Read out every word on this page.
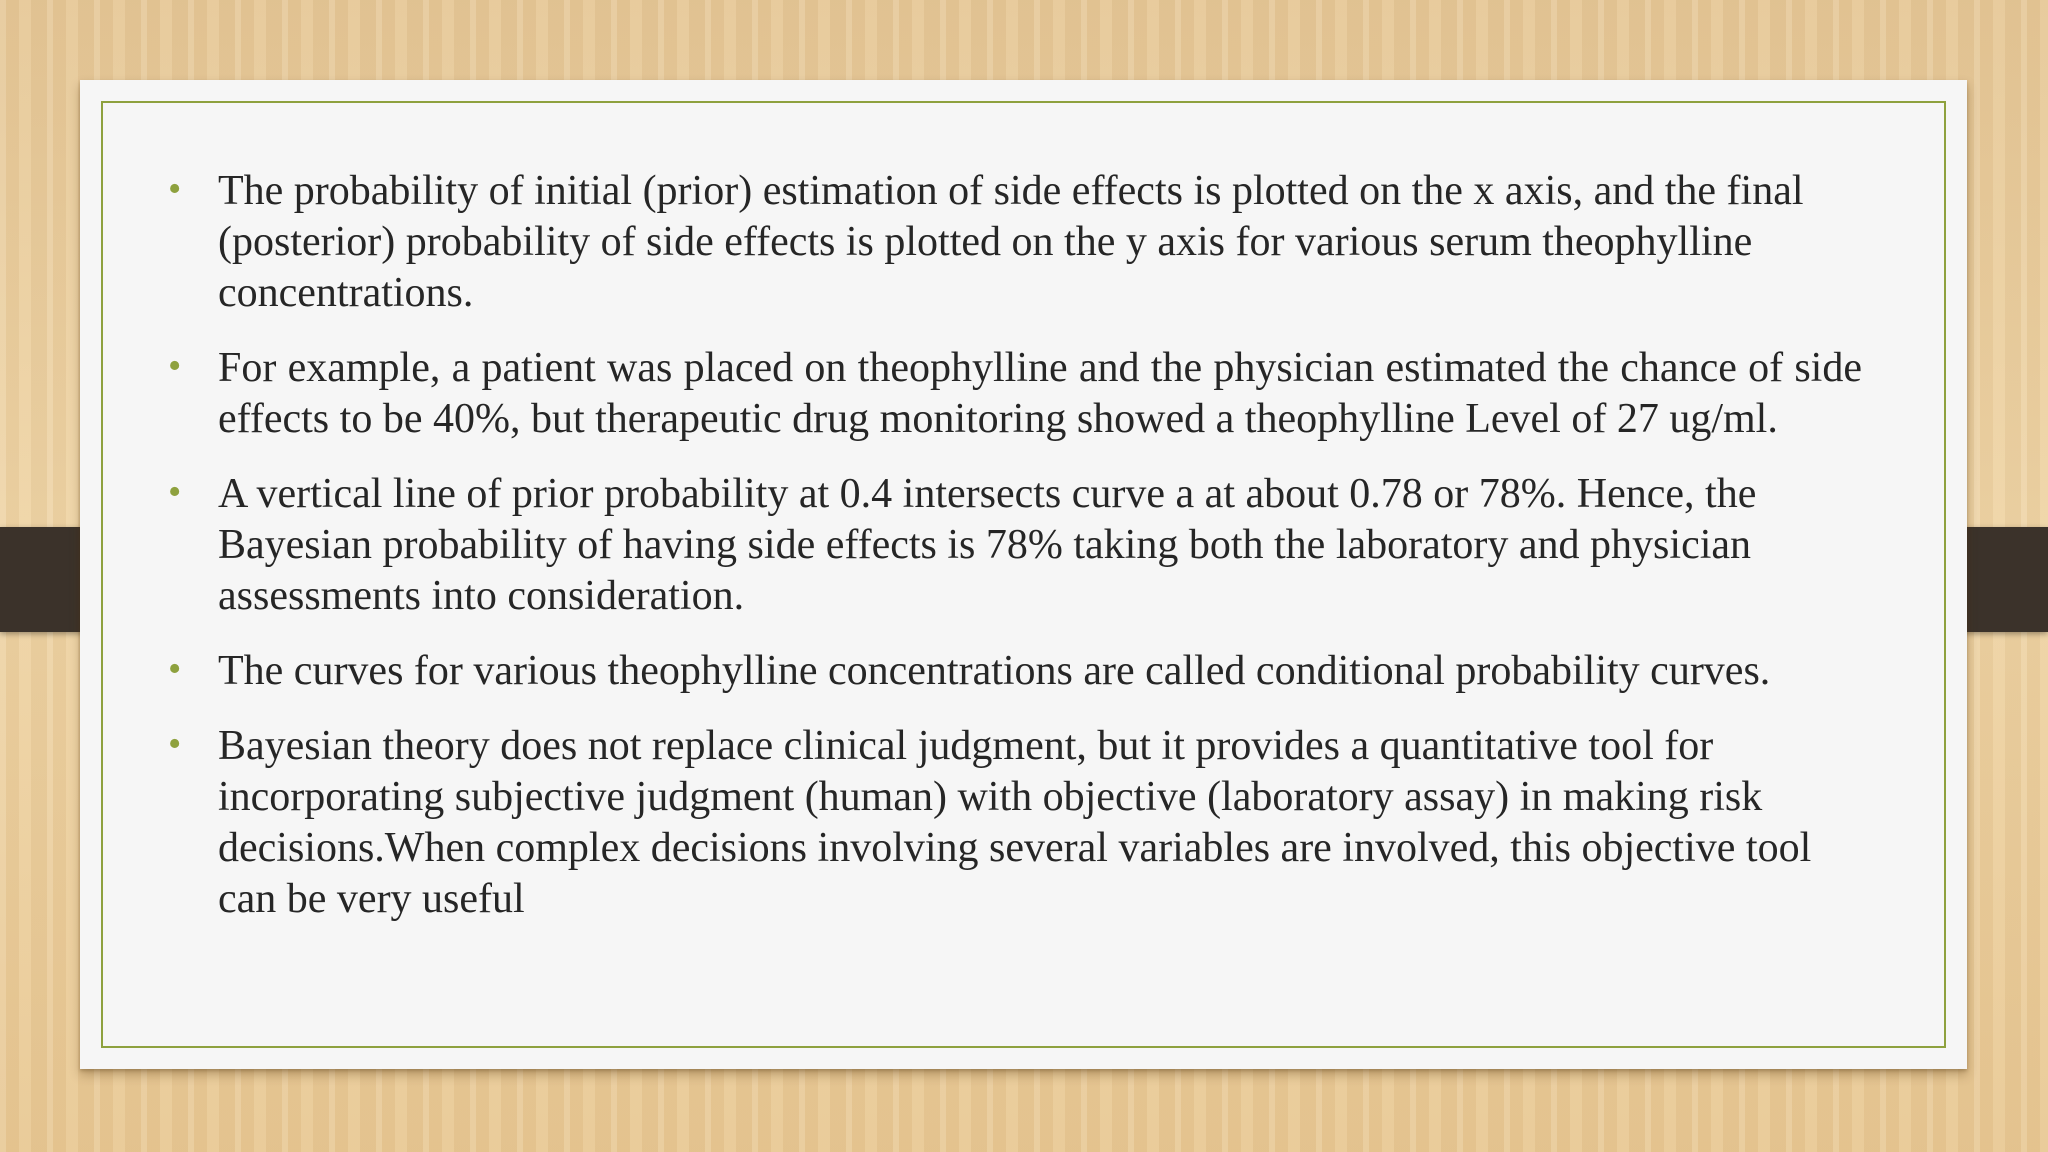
• The probability of initial (prior) estimation of side effects is plotted on the x axis, and the final (posterior) probability of side effects is plotted on the y axis for various serum theophylline concentrations.
• For example, a patient was placed on theophylline and the physician estimated the chance of side effects to be 40%, but therapeutic drug monitoring showed a theophylline Level of 27 ug/ml.
• A vertical line of prior probability at 0.4 intersects curve a at about 0.78 or 78%. Hence, the Bayesian probability of having side effects is 78% taking both the laboratory and physician assessments into consideration.
• The curves for various theophylline concentrations are called conditional probability curves.
• Bayesian theory does not replace clinical judgment, but it provides a quantitative tool for incorporating subjective judgment (human) with objective (laboratory assay) in making risk decisions.When complex decisions involving several variables are involved, this objective tool can be very useful
